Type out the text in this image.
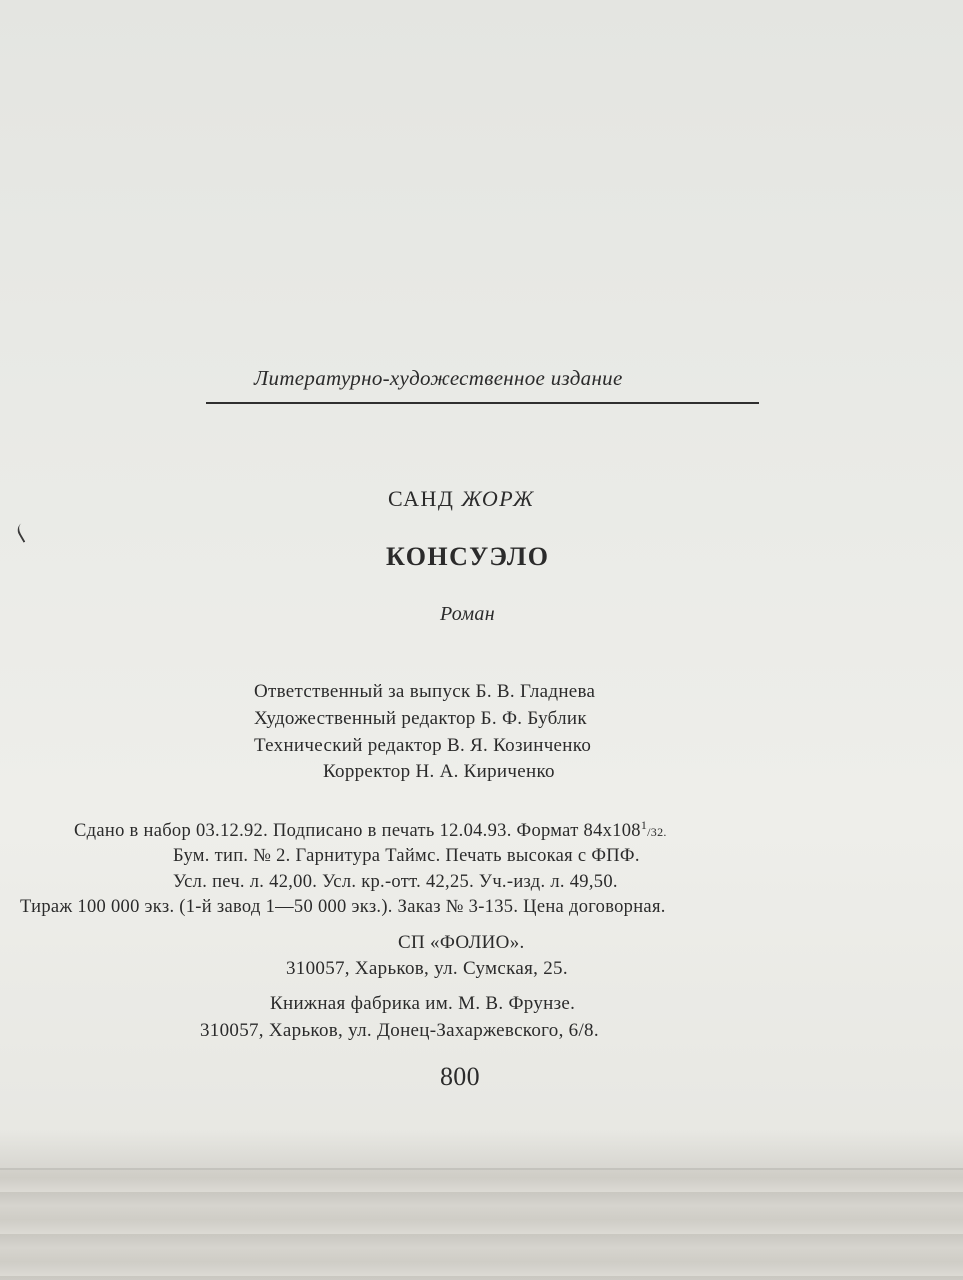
Литературно-художественное издание
САНД ЖОРЖ
КОНСУЭЛО
Роман
Ответственный за выпуск Б. В. Гладнева
Художественный редактор Б. Ф. Бублик
Технический редактор В. Я. Козинченко
Корректор Н. А. Кириченко
Сдано в набор 03.12.92. Подписано в печать 12.04.93. Формат $84x108^1/32$.
Бум. тип. № 2. Гарнитура Таймс. Печать высокая с ФПФ.
Усл. печ. л. 42,00. Усл. кр.-отт. 42,25. Уч.-изд. л. 49,50.
Тираж 100 000 экз. (1-й завод 1—50 000 экз.). Заказ № 3-135. Цена договорная.
СП «ФОЛИО».
310057, Харьков, ул. Сумская, 25.
Книжная фабрика им. М. В. Фрунзе.
310057, Харьков, ул. Донец-Захаржевского, 6/8.
800
